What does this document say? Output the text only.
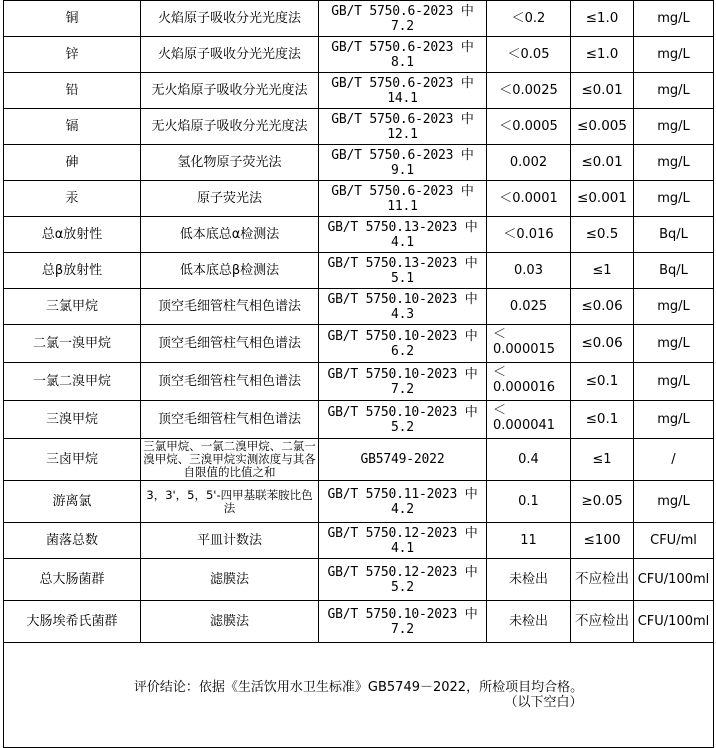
铜	火焰原子吸收分光光度法	GB/T 5750.6-2023 中 7.2	＜0.2	≤1.0	mg/L
锌	火焰原子吸收分光光度法	GB/T 5750.6-2023 中 8.1	＜0.05	≤1.0	mg/L
铅	无火焰原子吸收分光光度法	GB/T 5750.6-2023 中 14.1	＜0.0025	≤0.01	mg/L
镉	无火焰原子吸收分光光度法	GB/T 5750.6-2023 中 12.1	＜0.0005	≤0.005	mg/L
砷	氢化物原子荧光法	GB/T 5750.6-2023 中 9.1	0.002	≤0.01	mg/L
汞	原子荧光法	GB/T 5750.6-2023 中 11.1	＜0.0001	≤0.001	mg/L
总α放射性	低本底总α检测法	GB/T 5750.13-2023 中 4.1	＜0.016	≤0.5	Bq/L
总β放射性	低本底总β检测法	GB/T 5750.13-2023 中 5.1	0.03	≤1	Bq/L
三氯甲烷	顶空毛细管柱气相色谱法	GB/T 5750.10-2023 中 4.3	0.025	≤0.06	mg/L
二氯一溴甲烷	顶空毛细管柱气相色谱法	GB/T 5750.10-2023 中 6.2	＜0.000015	≤0.06	mg/L
一氯二溴甲烷	顶空毛细管柱气相色谱法	GB/T 5750.10-2023 中 7.2	＜0.000016	≤0.1	mg/L
三溴甲烷	顶空毛细管柱气相色谱法	GB/T 5750.10-2023 中 5.2	＜0.000041	≤0.1	mg/L
三卤甲烷	三氯甲烷、一氯二溴甲烷、二氯一溴甲烷、三溴甲烷实测浓度与其各自限值的比值之和	GB5749-2022	0.4	≤1	/
游离氯	3，3'，5，5'-四甲基联苯胺比色法	GB/T 5750.11-2023 中 4.2	0.1	≥0.05	mg/L
菌落总数	平皿计数法	GB/T 5750.12-2023 中 4.1	11	≤100	CFU/ml
总大肠菌群	滤膜法	GB/T 5750.12-2023 中 5.2	未检出	不应检出	CFU/100ml
大肠埃希氏菌群	滤膜法	GB/T 5750.10-2023 中 7.2	未检出	不应检出	CFU/100ml

评价结论：依据《生活饮用水卫生标准》GB5749－2022，所检项目均合格。
（以下空白）					
